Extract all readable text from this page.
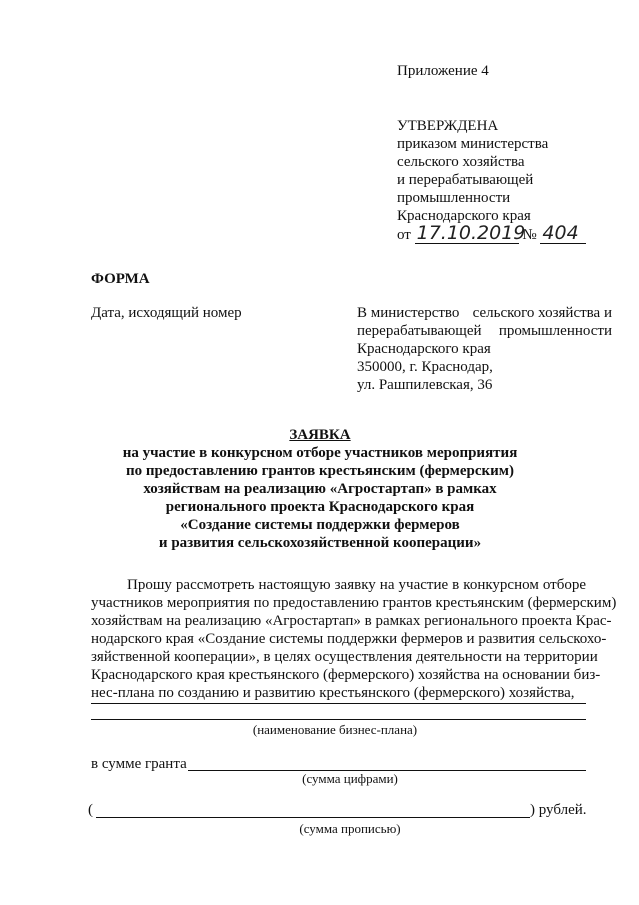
Приложение 4
УТВЕРЖДЕНА
приказом министерства
сельского хозяйства
и перерабатывающей
промышленности
Краснодарского края
от 17.10.2019 № 404
ФОРМА
Дата, исходящий номер	В министерство сельского хозяйства и
перерабатывающей промышленности
Краснодарского края
350000, г. Краснодар,
ул. Рашпилевская, 36
ЗАЯВКА
на участие в конкурсном отборе участников мероприятия
по предоставлению грантов крестьянским (фермерским)
хозяйствам на реализацию «Агростартап» в рамках
регионального проекта Краснодарского края
«Создание системы поддержки фермеров
и развития сельскохозяйственной кооперации»
Прошу рассмотреть настоящую заявку на участие в конкурсном отборе
участников мероприятия по предоставлению грантов крестьянским (фермерским)
хозяйствам на реализацию «Агростартап» в рамках регионального проекта Крас-
нодарского края «Создание системы поддержки фермеров и развития сельскохо-
зяйственной кооперации», в целях осуществления деятельности на территории
Краснодарского края крестьянского (фермерского) хозяйства на основании биз-
нес-плана по созданию и развитию крестьянского (фермерского) хозяйства,
(наименование бизнес-плана)
в сумме гранта
(сумма цифрами)
(	) рублей.
(сумма прописью)
